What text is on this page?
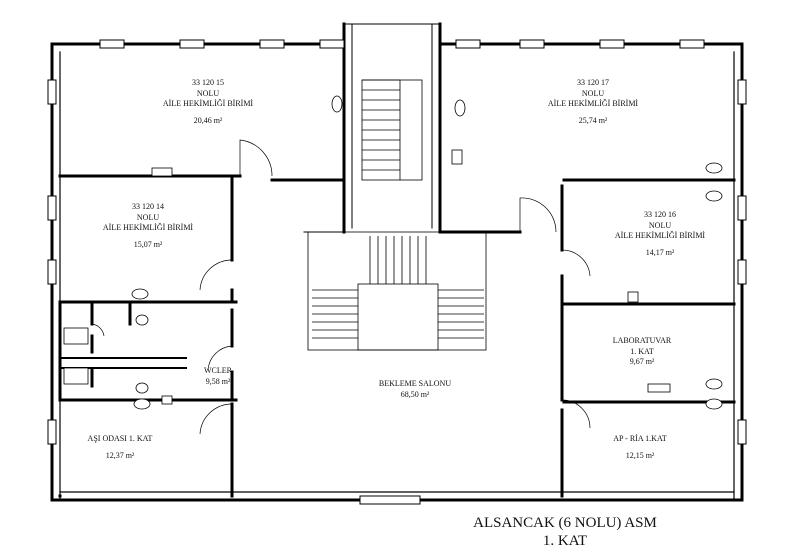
33 120 15
NOLU
AİLE HEKİMLİĞİ BİRİMİ
20,46 m²
33 120 17
NOLU
AİLE HEKİMLİĞİ BİRİMİ
25,74 m²
33 120 14
NOLU
AİLE HEKİMLİĞİ BİRİMİ
15,07 m²
33 120 16
NOLU
AİLE HEKİMLİĞİ BİRİMİ
14,17 m²
LABORATUVAR
1. KAT
9,67 m²
WCLER
9,58 m²	BEKLEME SALONU
68,50 m²
AŞI ODASI 1. KAT
12,37 m²
AP - RİA 1.KAT
12,15 m²
ALSANCAK (6 NOLU) ASM
1. KAT
